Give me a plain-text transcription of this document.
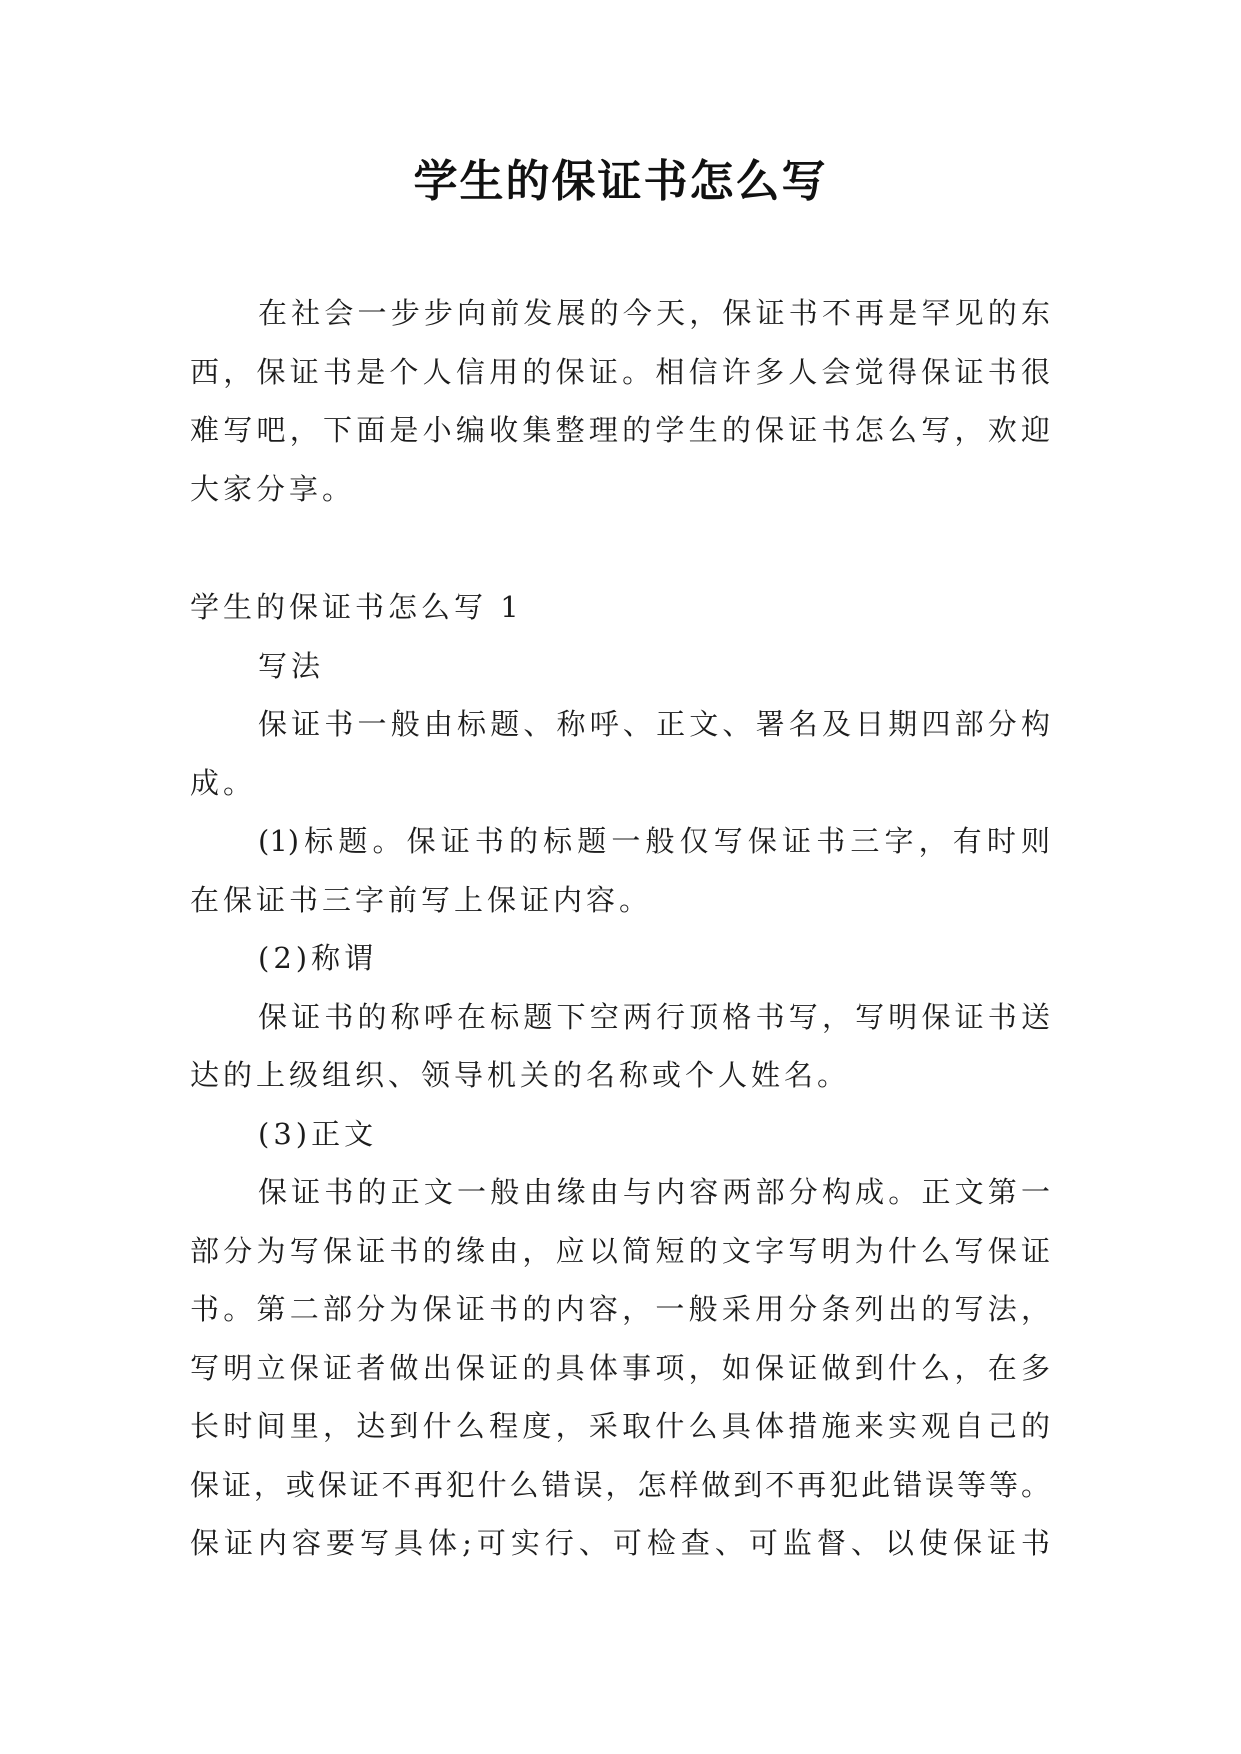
学生的保证书怎么写
在社会一步步向前发展的今天，保证书不再是罕见的东
西，保证书是个人信用的保证。相信许多人会觉得保证书很
难写吧，下面是小编收集整理的学生的保证书怎么写，欢迎
大家分享。
学生的保证书怎么写 1
写法
保证书一般由标题、称呼、正文、署名及日期四部分构
成。
(1)标题。保证书的标题一般仅写保证书三字，有时则
在保证书三字前写上保证内容。
(2)称谓
保证书的称呼在标题下空两行顶格书写，写明保证书送
达的上级组织、领导机关的名称或个人姓名。
(3)正文
保证书的正文一般由缘由与内容两部分构成。正文第一
部分为写保证书的缘由，应以简短的文字写明为什么写保证
书。第二部分为保证书的内容，一般采用分条列出的写法，
写明立保证者做出保证的具体事项，如保证做到什么，在多
长时间里，达到什么程度，采取什么具体措施来实观自己的
保证，或保证不再犯什么错误，怎样做到不再犯此错误等等。
保证内容要写具体;可实行、可检查、可监督、以使保证书
